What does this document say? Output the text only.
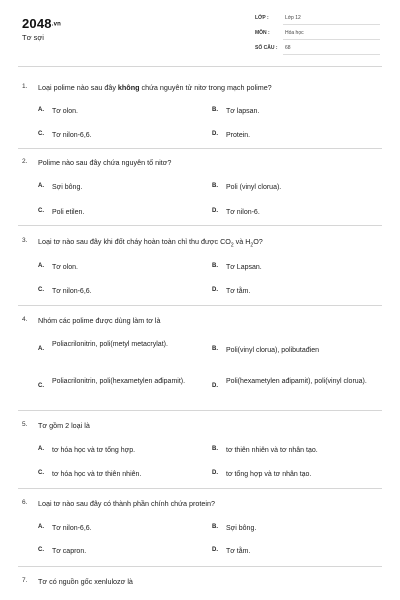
2048.vn
Tơ sợi
LỚP :	Lớp 12
MÔN :	Hóa học
SỐ CÂU : 68
1. Loại polime nào sau đây không chứa nguyên tử nitơ trong mạch polime?
A. Tơ olon.	B. Tơ lapsan.
C. Tơ nilon-6,6.	D. Protein.
2. Polime nào sau đây chứa nguyên tố nitơ?
A. Sợi bông.	B. Poli (vinyl clorua).
C. Poli etilen.	D. Tơ nilon-6.
3. Loại tơ nào sau đây khi đốt cháy hoàn toàn chỉ thu được $CO_2$ và $H_2O$?
A. Tơ olon.	B. Tơ Lapsan.
C. Tơ nilon-6,6.	D. Tơ tằm.
4. Nhóm các polime được dùng làm tơ là
A.
Poliacrilonitrin, poli(metyl metacrylat).
B. Poli(vinyl clorua), polibutađien
C.
Poliacrilonitrin, poli(hexametylen ađipamit).
D.
Poli(hexametylen ađipamit), poli(vinyl clorua).
5. Tơ gồm 2 loại là
A. tơ hóa học và tơ tổng hợp.	B. tơ thiên nhiên và tơ nhân tạo.
C. tơ hóa học và tơ thiên nhiên.	D. tơ tổng hợp và tơ nhân tạo.
6. Loại tơ nào sau đây có thành phần chính chứa protein?
A. Tơ nilon-6,6.	B. Sợi bông.
C. Tơ capron.	D. Tơ tằm.
7. Tơ có nguồn gốc xenlulozơ là
